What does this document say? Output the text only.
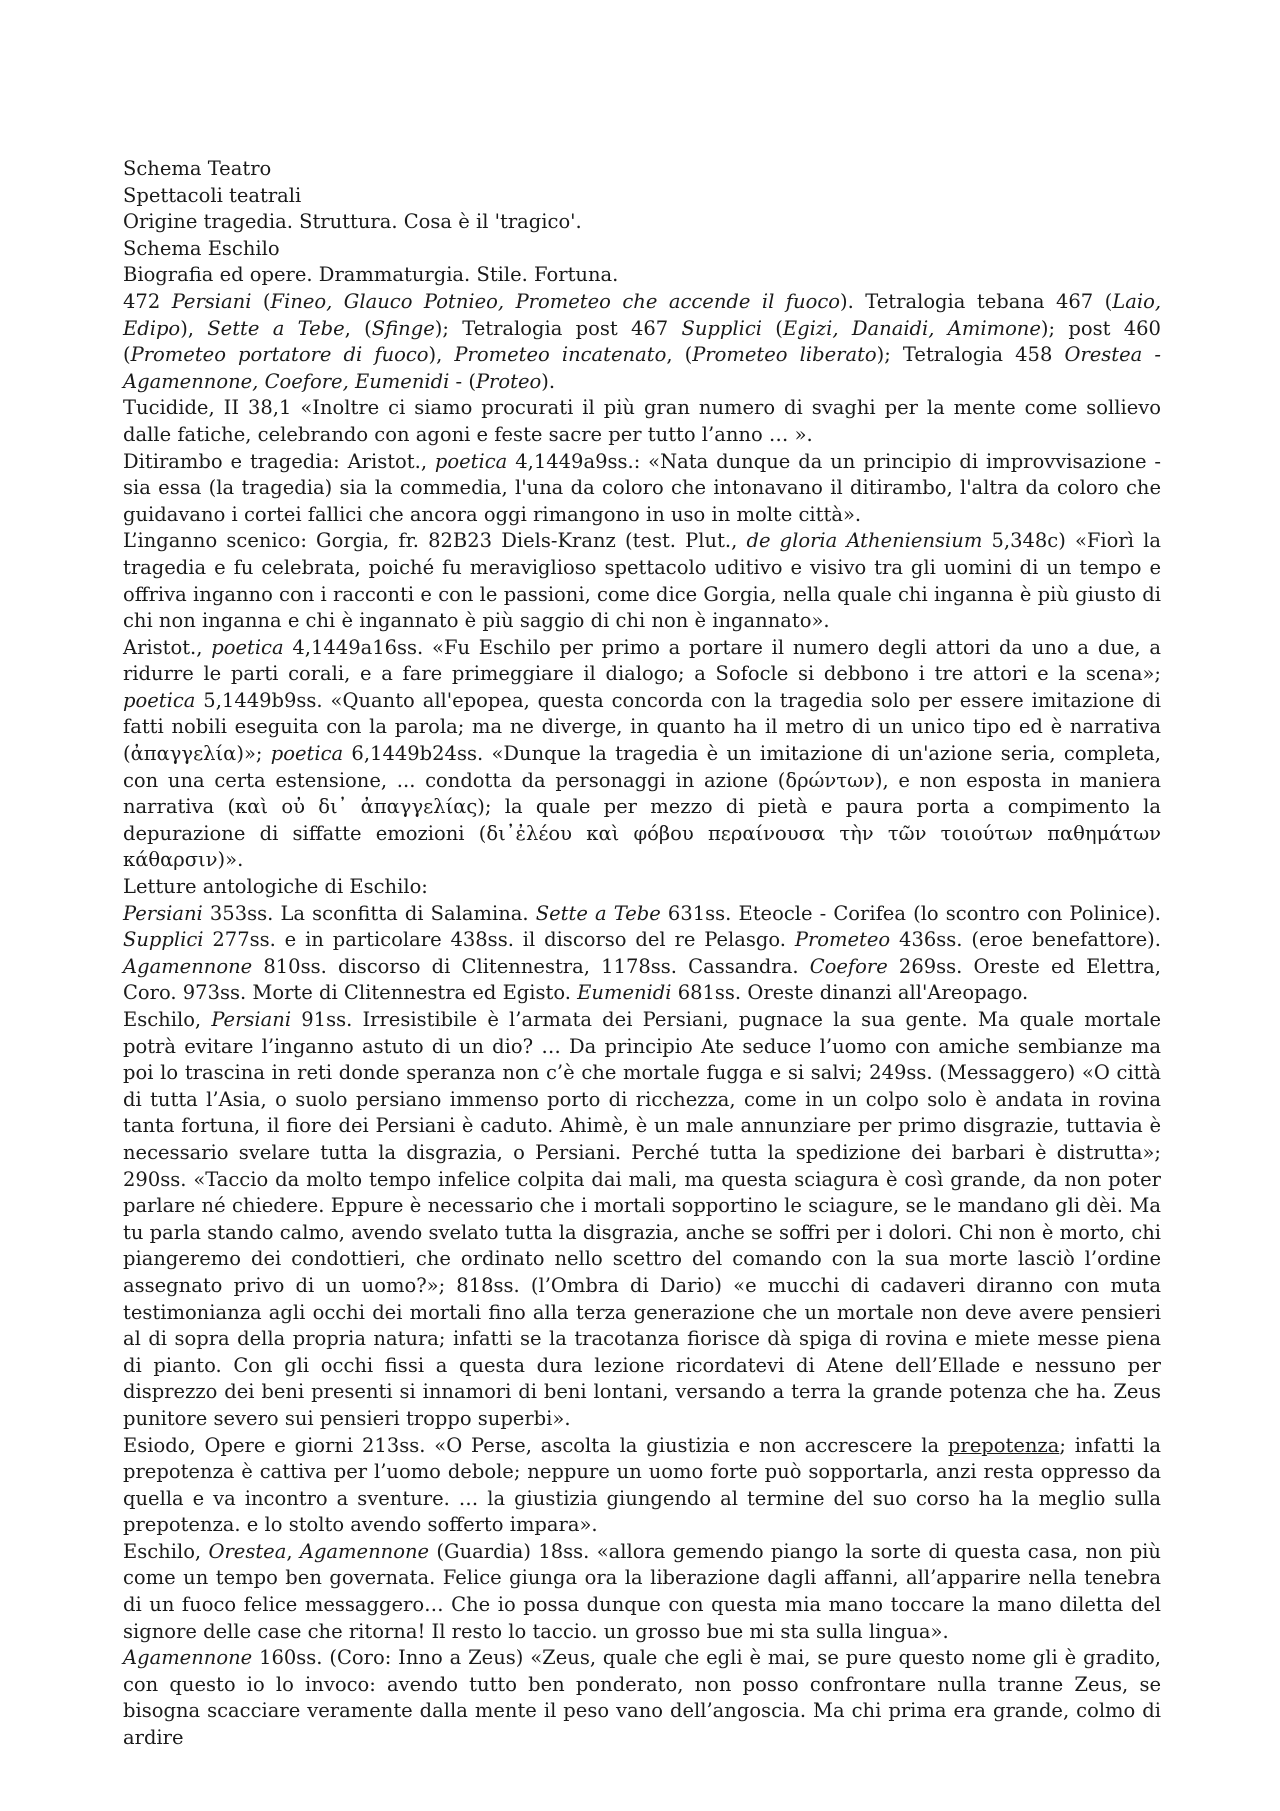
Schema Teatro

Spettacoli teatrali

Origine tragedia. Struttura. Cosa è il 'tragico'.

Schema Eschilo

Biografia ed opere. Drammaturgia. Stile. Fortuna.

472 Persiani (Fineo, Glauco Potnieo, Prometeo che accende il fuoco). Tetralogia tebana 467 (Laio, Edipo), Sette a Tebe, (Sfinge); Tetralogia post 467 Supplici (Egizi, Danaidi, Amimone); post 460 (Prometeo portatore di fuoco), Prometeo incatenato, (Prometeo liberato); Tetralogia 458 Orestea - Agamennone, Coefore, Eumenidi - (Proteo).

Tucidide, II 38,1 «Inoltre ci siamo procurati il più gran numero di svaghi per la mente come sollievo dalle fatiche, celebrando con agoni e feste sacre per tutto l’anno … ».

Ditirambo e tragedia: Aristot., poetica 4,1449a9ss.: «Nata dunque da un principio di improvvisazione - sia essa (la tragedia) sia la commedia, l'una da coloro che intonavano il ditirambo, l'altra da coloro che guidavano i cortei fallici che ancora oggi rimangono in uso in molte città».

L’inganno scenico: Gorgia, fr. 82B23 Diels-Kranz (test. Plut., de gloria Atheniensium 5,348c) «Fiorì la tragedia e fu celebrata, poiché fu meraviglioso spettacolo uditivo e visivo tra gli uomini di un tempo e offriva inganno con i racconti e con le passioni, come dice Gorgia, nella quale chi inganna è più giusto di chi non inganna e chi è ingannato è più saggio di chi non è ingannato».

Aristot., poetica 4,1449a16ss. «Fu Eschilo per primo a portare il numero degli attori da uno a due, a ridurre le parti corali, e a fare primeggiare il dialogo; a Sofocle si debbono i tre attori e la scena»; poetica 5,1449b9ss. «Quanto all'epopea, questa concorda con la tragedia solo per essere imitazione di fatti nobili eseguita con la parola; ma ne diverge, in quanto ha il metro di un unico tipo ed è narrativa (ἀπαγγελία)»; poetica 6,1449b24ss. «Dunque la tragedia è un imitazione di un'azione seria, completa, con una certa estensione, ... condotta da personaggi in azione (δρώντων), e non esposta in maniera narrativa (καὶ οὐ δι᾽ ἀπαγγελίας); la quale per mezzo di pietà e paura porta a compimento la depurazione di siffatte emozioni (δι᾽ἐλέου καὶ φόβου περαίνουσα τὴν τῶν τοιούτων παθημάτων κάθαρσιν)».

Letture antologiche di Eschilo:

Persiani 353ss. La sconfitta di Salamina. Sette a Tebe 631ss. Eteocle - Corifea (lo scontro con Polinice). Supplici 277ss. e in particolare 438ss. il discorso del re Pelasgo. Prometeo 436ss. (eroe benefattore). Agamennone 810ss. discorso di Clitennestra, 1178ss. Cassandra. Coefore 269ss. Oreste ed Elettra, Coro. 973ss. Morte di Clitennestra ed Egisto. Eumenidi 681ss. Oreste dinanzi all'Areopago.

Eschilo, Persiani 91ss. Irresistibile è l’armata dei Persiani, pugnace la sua gente. Ma quale mortale potrà evitare l’inganno astuto di un dio? … Da principio Ate seduce l’uomo con amiche sembianze ma poi lo trascina in reti donde speranza non c’è che mortale fugga e si salvi; 249ss. (Messaggero) «O città di tutta l’Asia, o suolo persiano immenso porto di ricchezza, come in un colpo solo è andata in rovina tanta fortuna, il fiore dei Persiani è caduto. Ahimè, è un male annunziare per primo disgrazie, tuttavia è necessario svelare tutta la disgrazia, o Persiani. Perché tutta la spedizione dei barbari è distrutta»; 290ss. «Taccio da molto tempo infelice colpita dai mali, ma questa sciagura è così grande, da non poter parlare né chiedere. Eppure è necessario che i mortali sopportino le sciagure, se le mandano gli dèi. Ma tu parla stando calmo, avendo svelato tutta la disgrazia, anche se soffri per i dolori. Chi non è morto, chi piangeremo dei condottieri, che ordinato nello scettro del comando con la sua morte lasciò l’ordine assegnato privo di un uomo?»; 818ss. (l’Ombra di Dario) «e mucchi di cadaveri diranno con muta testimonianza agli occhi dei mortali fino alla terza generazione che un mortale non deve avere pensieri al di sopra della propria natura; infatti se la tracotanza fiorisce dà spiga di rovina e miete messe piena di pianto. Con gli occhi fissi a questa dura lezione ricordatevi di Atene dell’Ellade e nessuno per disprezzo dei beni presenti si innamori di beni lontani, versando a terra la grande potenza che ha. Zeus punitore severo sui pensieri troppo superbi».

Esiodo, Opere e giorni 213ss. «O Perse, ascolta la giustizia e non accrescere la prepotenza; infatti la prepotenza è cattiva per l’uomo debole; neppure un uomo forte può sopportarla, anzi resta oppresso da quella e va incontro a sventure. … la giustizia giungendo al termine del suo corso ha la meglio sulla prepotenza. e lo stolto avendo sofferto impara».

Eschilo, Orestea, Agamennone (Guardia) 18ss. «allora gemendo piango la sorte di questa casa, non più come un tempo ben governata. Felice giunga ora la liberazione dagli affanni, all’apparire nella tenebra di un fuoco felice messaggero… Che io possa dunque con questa mia mano toccare la mano diletta del signore delle case che ritorna! Il resto lo taccio. un grosso bue mi sta sulla lingua».

Agamennone 160ss. (Coro: Inno a Zeus) «Zeus, quale che egli è mai, se pure questo nome gli è gradito, con questo io lo invoco: avendo tutto ben ponderato, non posso confrontare nulla tranne Zeus, se bisogna scacciare veramente dalla mente il peso vano dell’angoscia. Ma chi prima era grande, colmo di ardire
